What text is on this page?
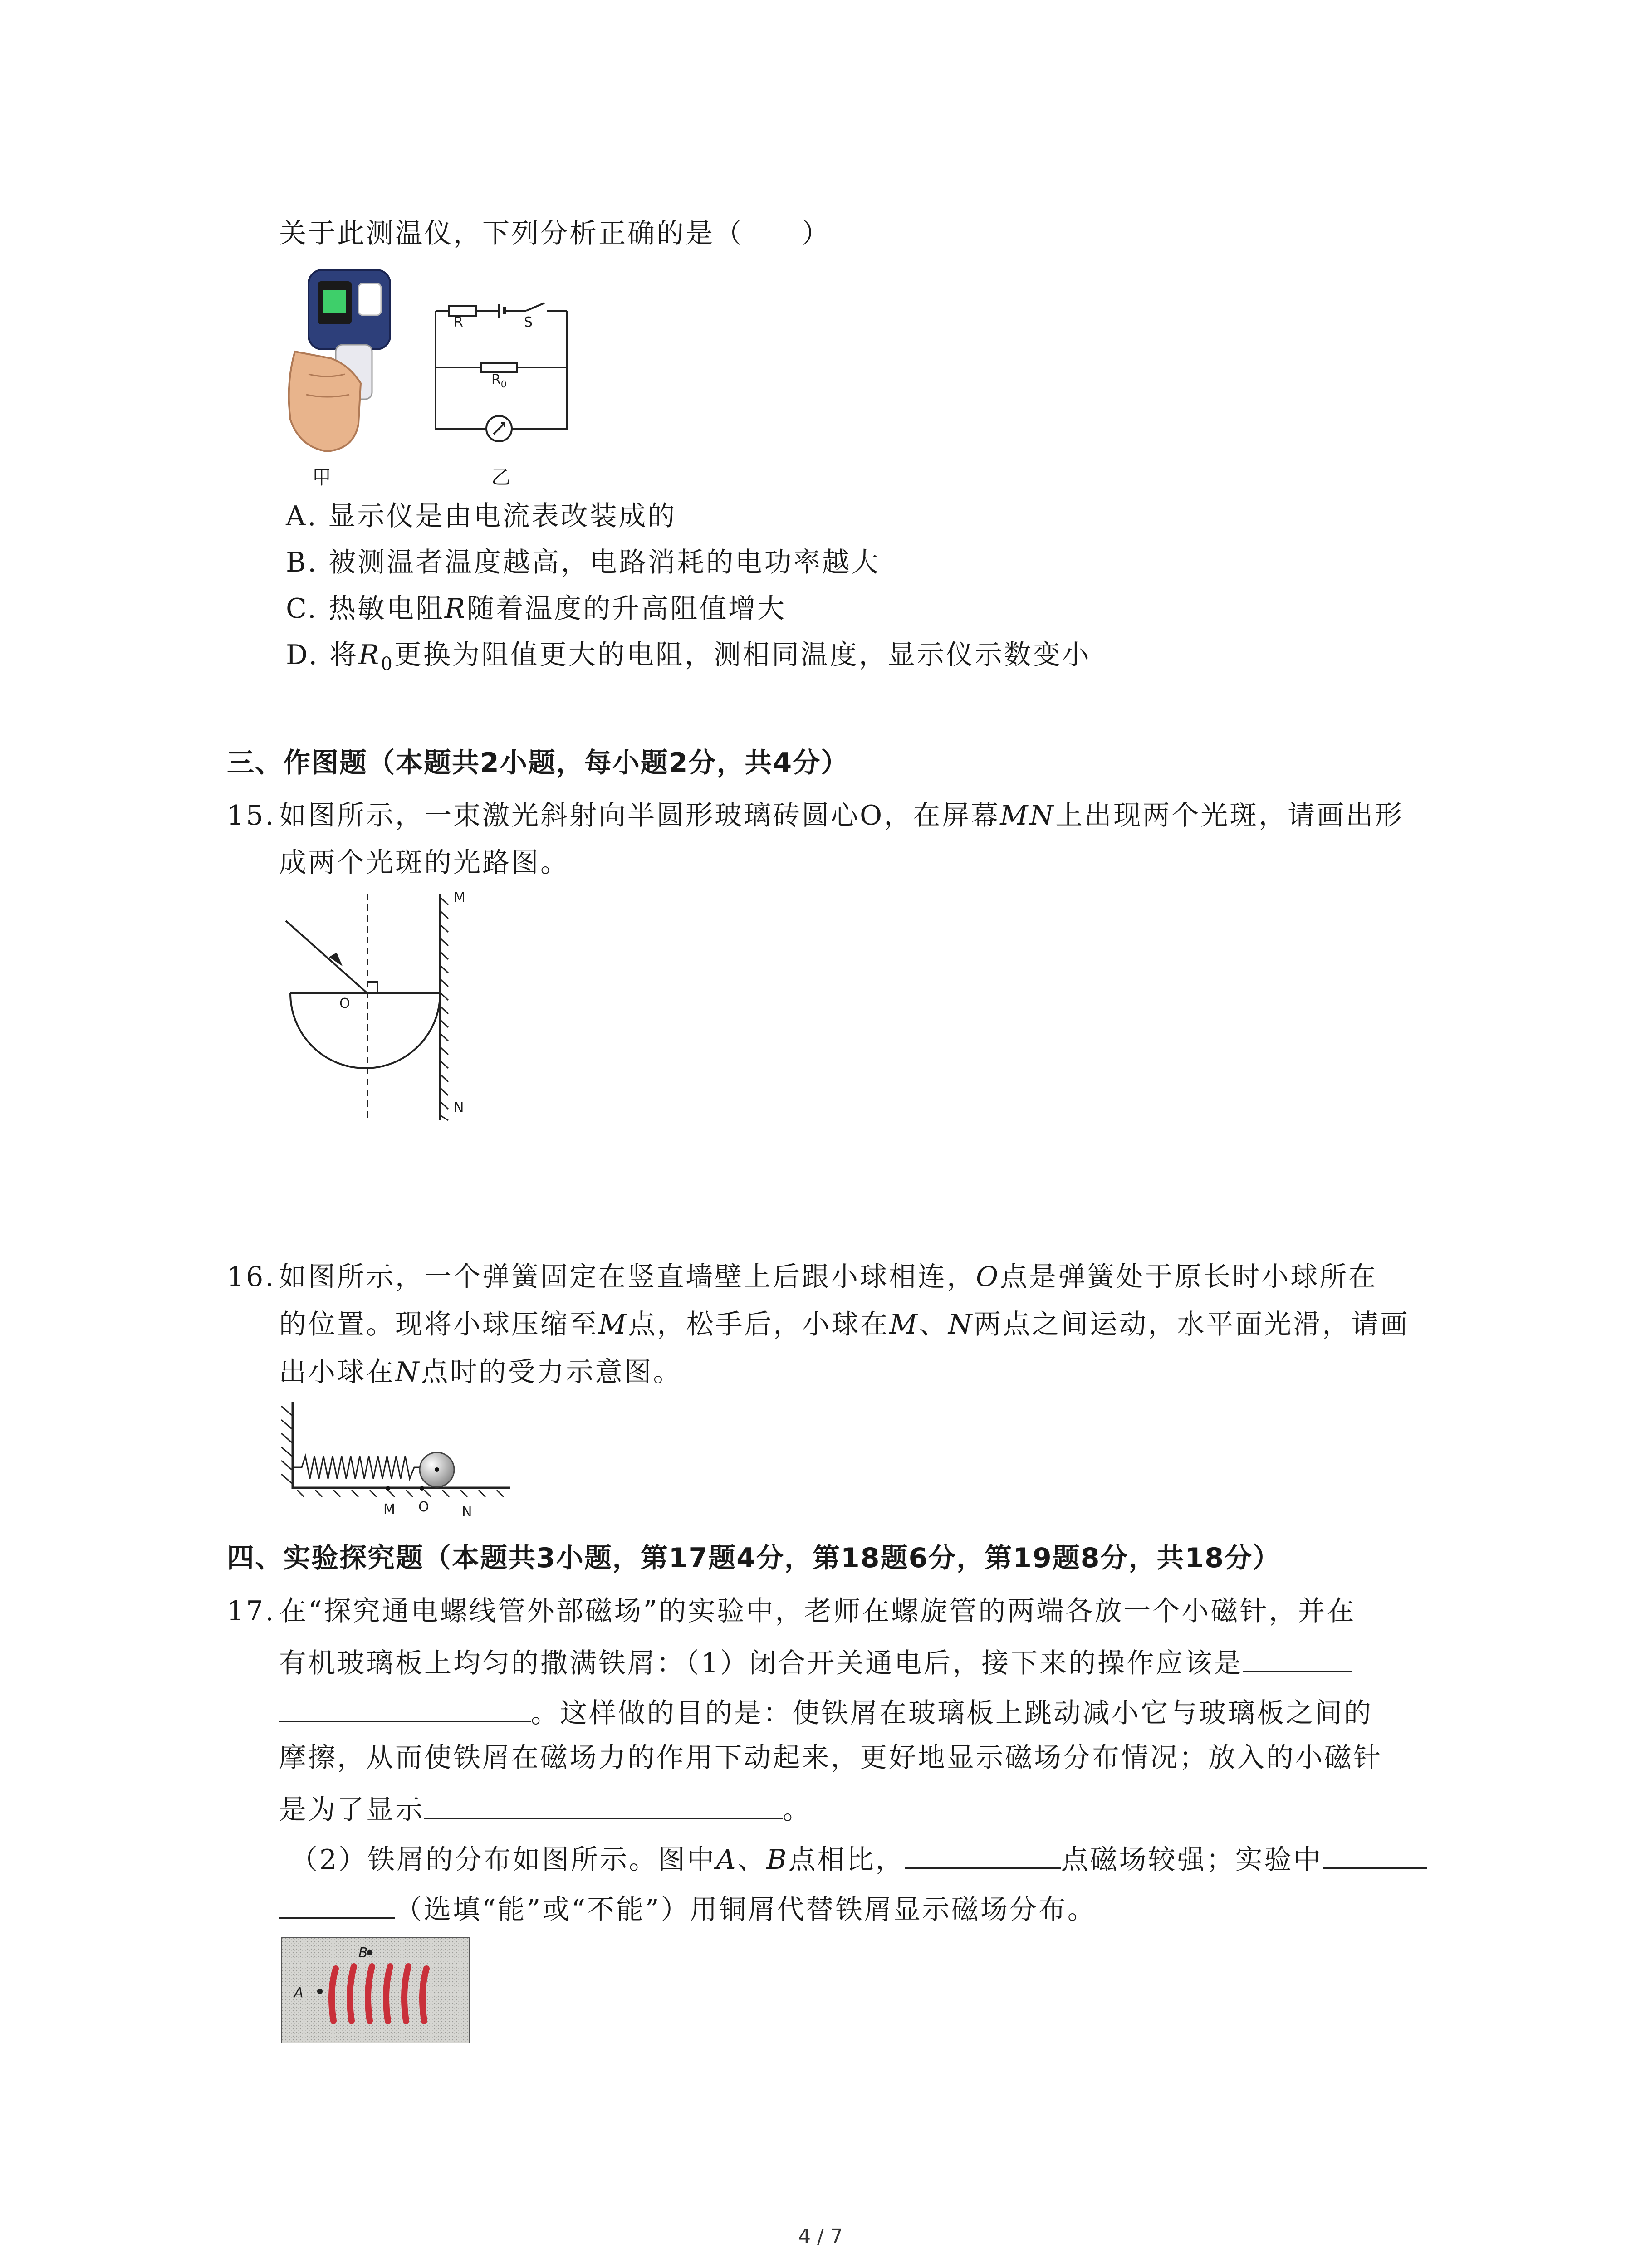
关于此测温仪，下列分析正确的是（　　）
甲
R	S
$R_0$
乙
A. 显示仪是由电流表改装成的
B. 被测温者温度越高，电路消耗的电功率越大
C. 热敏电阻R随着温度的升高阻值增大
D. 将$R_0$更换为阻值更大的电阻，测相同温度，显示仪示数变小
三、作图题（本题共2小题，每小题2分，共4分）
15. 如图所示，一束激光斜射向半圆形玻璃砖圆心O，在屏幕MN上出现两个光斑，请画出形
成两个光斑的光路图。
M
N
O
16. 如图所示，一个弹簧固定在竖直墙壁上后跟小球相连，O点是弹簧处于原长时小球所在
的位置。现将小球压缩至M点，松手后，小球在M、N两点之间运动，水平面光滑，请画
出小球在N点时的受力示意图。
M O N
四、实验探究题（本题共3小题，第17题4分，第18题6分，第19题8分，共18分）
17. 在“探究通电螺线管外部磁场”的实验中，老师在螺旋管的两端各放一个小磁针，并在
有机玻璃板上均匀的撒满铁屑：（1）闭合开关通电后，接下来的操作应该是
。这样做的目的是：使铁屑在玻璃板上跳动减小它与玻璃板之间的
摩擦，从而使铁屑在磁场力的作用下动起来，更好地显示磁场分布情况；放入的小磁针
是为了显示	。
（2）铁屑的分布如图所示。图中A、B点相比，	点磁场较强；实验中
（选填“能”或“不能”）用铜屑代替铁屑显示磁场分布。
A
B
4 / 7
